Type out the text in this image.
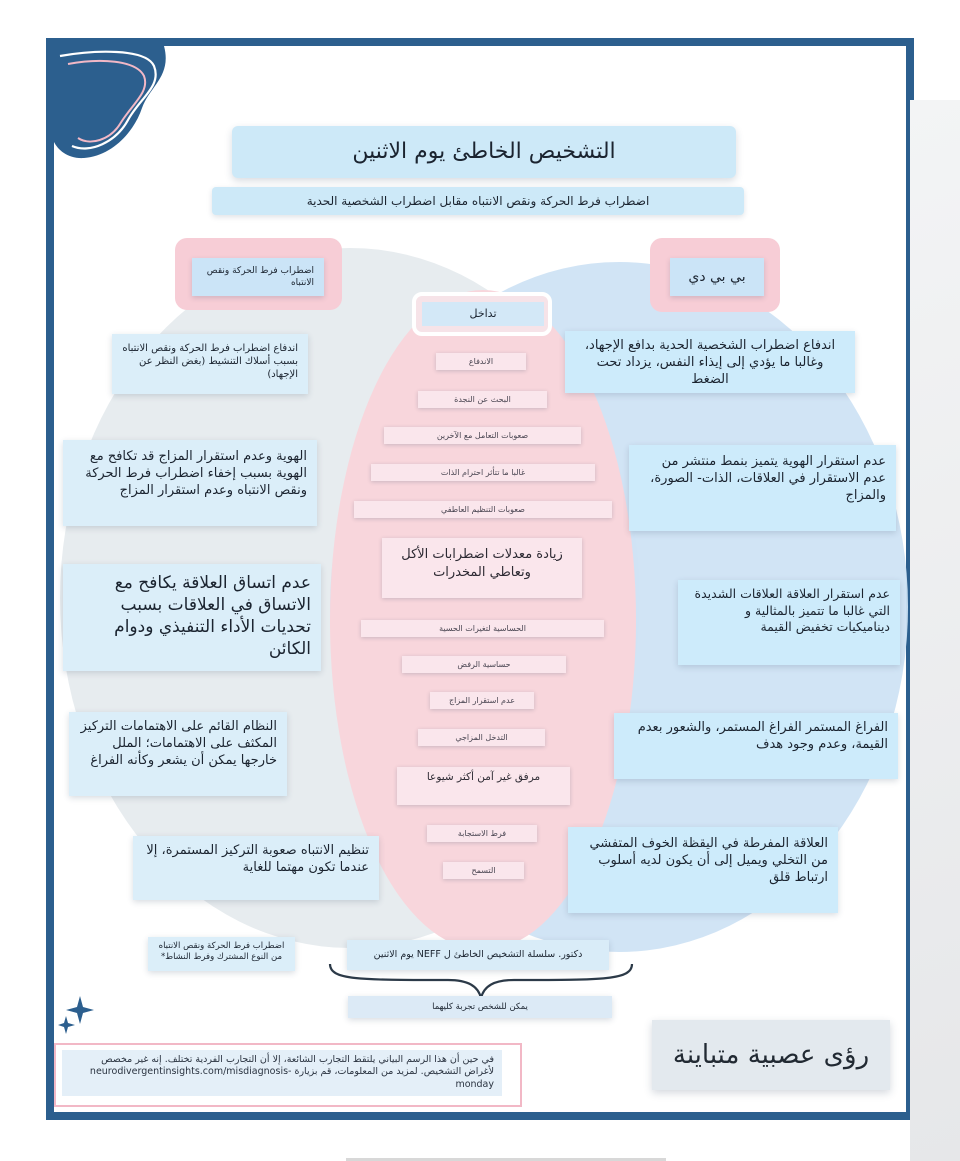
التشخيص الخاطئ يوم الاثنين
اضطراب فرط الحركة ونقص الانتباه مقابل اضطراب الشخصية الحدية
اضطراب فرط الحركة ونقص الانتباه	بي بي دي
تداخل
اندفاع اضطراب فرط الحركة ونقص الانتباه بسبب أسلاك التنشيط (بغض النظر عن الإجهاد)
الهوية وعدم استقرار المزاج قد تكافح مع الهوية بسبب إخفاء اضطراب فرط الحركة ونقص الانتباه وعدم استقرار المزاج
عدم اتساق العلاقة يكافح مع الاتساق في العلاقات بسبب تحديات الأداء التنفيذي ودوام الكائن
النظام القائم على الاهتمامات التركيز المكثف على الاهتمامات؛ الملل خارجها يمكن أن يشعر وكأنه الفراغ
تنظيم الانتباه صعوبة التركيز المستمرة، إلا عندما تكون مهتما للغاية
اضطراب فرط الحركة ونقص الانتباه من النوع المشترك وفرط النشاط*
اندفاع اضطراب الشخصية الحدية بدافع الإجهاد، وغالبا ما يؤدي إلى إيذاء النفس، يزداد تحت الضغط
عدم استقرار الهوية يتميز بنمط منتشر من عدم الاستقرار في العلاقات، الذات- الصورة، والمزاج
عدم استقرار العلاقة العلاقات الشديدة التي غالبا ما تتميز بالمثالية و ديناميكيات تخفيض القيمة
الفراغ المستمر الفراغ المستمر، والشعور بعدم القيمة، وعدم وجود هدف
العلاقة المفرطة في اليقظة الخوف المتفشي من التخلي ويميل إلى أن يكون لديه أسلوب ارتباط قلق
الاندفاع
البحث عن النجدة
صعوبات التعامل مع الآخرين
غالبا ما تتأثر احترام الذات
صعوبات التنظيم العاطفي
زيادة معدلات اضطرابات الأكل وتعاطي المخدرات
الحساسية لتغيرات الحسية
حساسية الرفض
عدم استقرار المزاج
التدخل المزاجي
مرفق غير آمن أكثر شيوعا
فرط الاستجابة
التسمح
دكتور. سلسلة التشخيص الخاطئ ل NEFF يوم الاثنين
يمكن للشخص تجربة كليهما
في حين أن هذا الرسم البياني يلتقط التجارب الشائعة، إلا أن التجارب الفردية تختلف. إنه غير مخصص لأغراض التشخيص. لمزيد من المعلومات، قم بزيارة -neurodivergentinsights.com/misdiagnosis monday
رؤى عصبية متباينة
